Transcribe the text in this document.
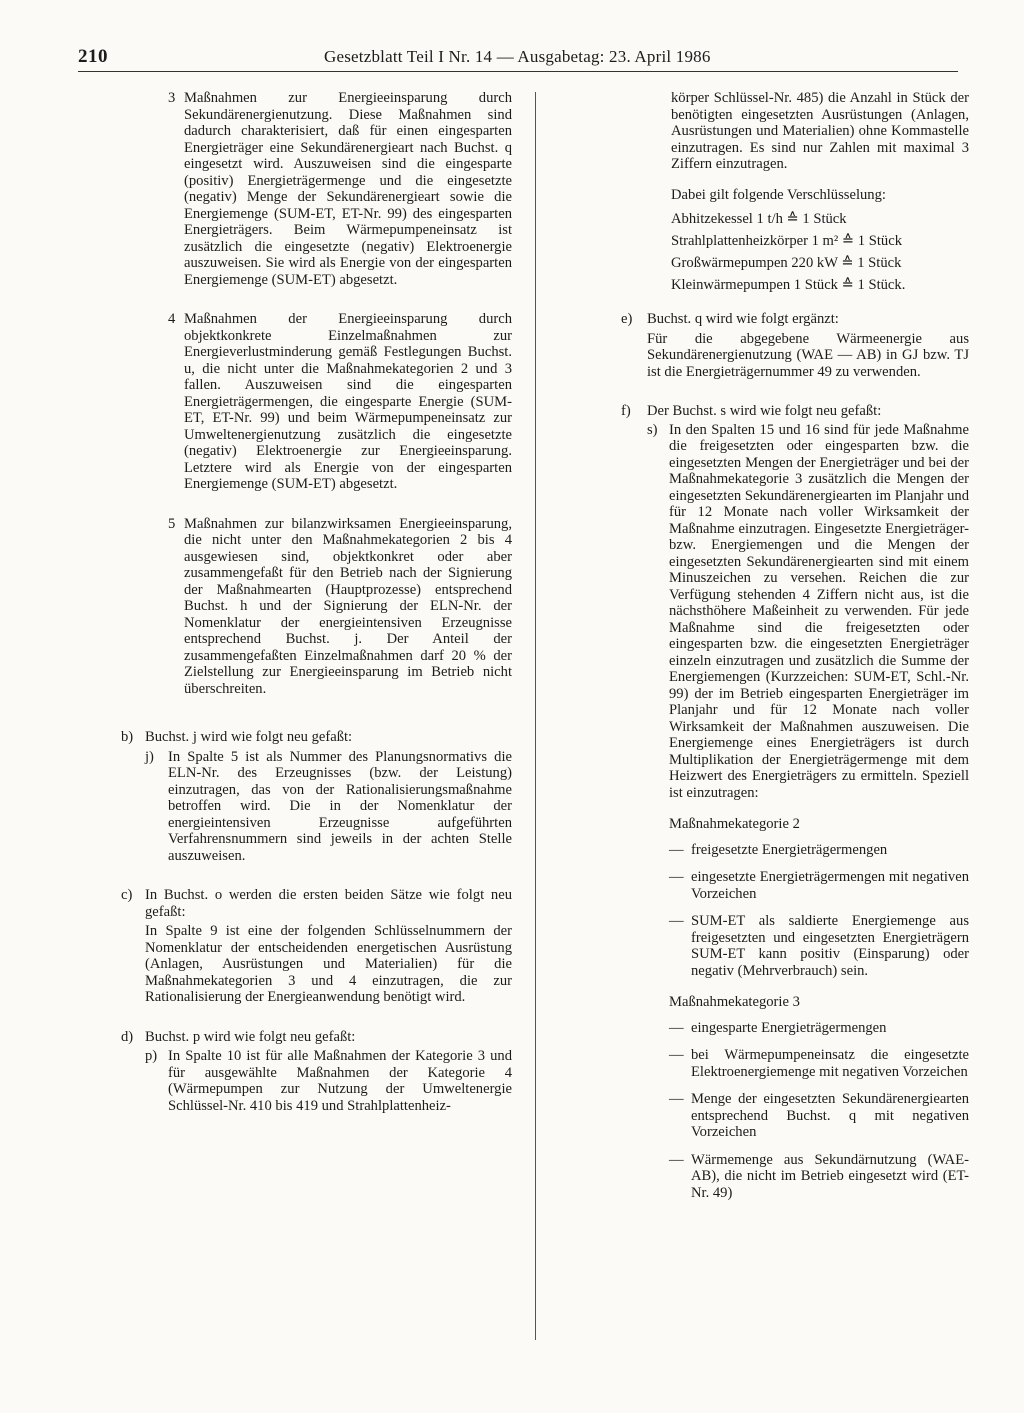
210	Gesetzblatt Teil I Nr. 14 — Ausgabetag: 23. April 1986
3 Maßnahmen zur Energieeinsparung durch Sekundärenergienutzung. Diese Maßnahmen sind dadurch charakterisiert, daß für einen eingesparten Energieträger eine Sekundärenergieart nach Buchst. q eingesetzt wird. Auszuweisen sind die eingesparte (positiv) Energieträgermenge und die eingesetzte (negativ) Menge der Sekundärenergieart sowie die Energiemenge (SUM-ET, ET-Nr. 99) des eingesparten Energieträgers. Beim Wärmepumpeneinsatz ist zusätzlich die eingesetzte (negativ) Elektroenergie auszuweisen. Sie wird als Energie von der eingesparten Energiemenge (SUM-ET) abgesetzt.

4 Maßnahmen der Energieeinsparung durch objektkonkrete Einzelmaßnahmen zur Energieverlustminderung gemäß Festlegungen Buchst. u, die nicht unter die Maßnahmekategorien 2 und 3 fallen. Auszuweisen sind die eingesparten Energieträgermengen, die eingesparte Energie (SUM-ET, ET-Nr. 99) und beim Wärmepumpeneinsatz zur Umweltenergienutzung zusätzlich die eingesetzte (negativ) Elektroenergie zur Energieeinsparung. Letztere wird als Energie von der eingesparten Energiemenge (SUM-ET) abgesetzt.

5 Maßnahmen zur bilanzwirksamen Energieeinsparung, die nicht unter den Maßnahmekategorien 2 bis 4 ausgewiesen sind, objektkonkret oder aber zusammengefaßt für den Betrieb nach der Signierung der Maßnahmearten (Hauptprozesse) entsprechend Buchst. h und der Signierung der ELN-Nr. der Nomenklatur der energieintensiven Erzeugnisse entsprechend Buchst. j. Der Anteil der zusammengefaßten Einzelmaßnahmen darf 20 % der Zielstellung zur Energieeinsparung im Betrieb nicht überschreiten.

b) Buchst. j wird wie folgt neu gefaßt:

j) In Spalte 5 ist als Nummer des Planungsnormativs die ELN-Nr. des Erzeugnisses (bzw. der Leistung) einzutragen, das von der Rationalisierungsmaßnahme betroffen wird. Die in der Nomenklatur der energieintensiven Erzeugnisse aufgeführten Verfahrensnummern sind jeweils in der achten Stelle auszuweisen.

c) In Buchst. o werden die ersten beiden Sätze wie folgt neu gefaßt:

In Spalte 9 ist eine der folgenden Schlüsselnummern der Nomenklatur der entscheidenden energetischen Ausrüstung (Anlagen, Ausrüstungen und Materialien) für die Maßnahmekategorien 3 und 4 einzutragen, die zur Rationalisierung der Energieanwendung benötigt wird.

d) Buchst. p wird wie folgt neu gefaßt:

p) In Spalte 10 ist für alle Maßnahmen der Kategorie 3 und für ausgewählte Maßnahmen der Kategorie 4 (Wärmepumpen zur Nutzung der Umweltenergie Schlüssel-Nr. 410 bis 419 und Strahlplattenheiz-

körper Schlüssel-Nr. 485) die Anzahl in Stück der benötigten eingesetzten Ausrüstungen (Anlagen, Ausrüstungen und Materialien) ohne Kommastelle einzutragen. Es sind nur Zahlen mit maximal 3 Ziffern einzutragen.

Dabei gilt folgende Verschlüsselung:

Abhitzekessel 1 t/h ≙ 1 Stück
Strahlplattenheizkörper 1 m² ≙ 1 Stück
Großwärmepumpen 220 kW ≙ 1 Stück
Kleinwärmepumpen 1 Stück ≙ 1 Stück.
e)	Buchst. q wird wie folgt ergänzt:

Für die abgegebene Wärmeenergie aus Sekundärenergienutzung (WAE — AB) in GJ bzw. TJ ist die Energieträgernummer 49 zu verwenden.

f)	Der Buchst. s wird wie folgt neu gefaßt:

s) In den Spalten 15 und 16 sind für jede Maßnahme die freigesetzten oder eingesparten bzw. die eingesetzten Mengen der Energieträger und bei der Maßnahmekategorie 3 zusätzlich die Mengen der eingesetzten Sekundärenergiearten im Planjahr und für 12 Monate nach voller Wirksamkeit der Maßnahme einzutragen. Eingesetzte Energieträger- bzw. Energiemengen und die Mengen der eingesetzten Sekundärenergiearten sind mit einem Minuszeichen zu versehen. Reichen die zur Verfügung stehenden 4 Ziffern nicht aus, ist die nächsthöhere Maßeinheit zu verwenden. Für jede Maßnahme sind die freigesetzten oder eingesparten bzw. die eingesetzten Energieträger einzeln einzutragen und zusätzlich die Summe der Energiemengen (Kurzzeichen: SUM-ET, Schl.-Nr. 99) der im Betrieb eingesparten Energieträger im Planjahr und für 12 Monate nach voller Wirksamkeit der Maßnahmen auszuweisen. Die Energiemenge eines Energieträgers ist durch Multiplikation der Energieträgermenge mit dem Heizwert des Energieträgers zu ermitteln. Speziell ist einzutragen:

Maßnahmekategorie 2

— freigesetzte Energieträgermengen

— eingesetzte Energieträgermengen mit negativen Vorzeichen

— SUM-ET als saldierte Energiemenge aus freigesetzten und eingesetzten Energieträgern SUM-ET kann positiv (Einsparung) oder negativ (Mehrverbrauch) sein.

Maßnahmekategorie 3

— eingesparte Energieträgermengen

— bei Wärmepumpeneinsatz die eingesetzte Elektroenergiemenge mit negativen Vorzeichen

— Menge der eingesetzten Sekundärenergiearten entsprechend Buchst. q mit negativen Vorzeichen

— Wärmemenge aus Sekundärnutzung (WAE-AB), die nicht im Betrieb eingesetzt wird (ET-Nr. 49)
